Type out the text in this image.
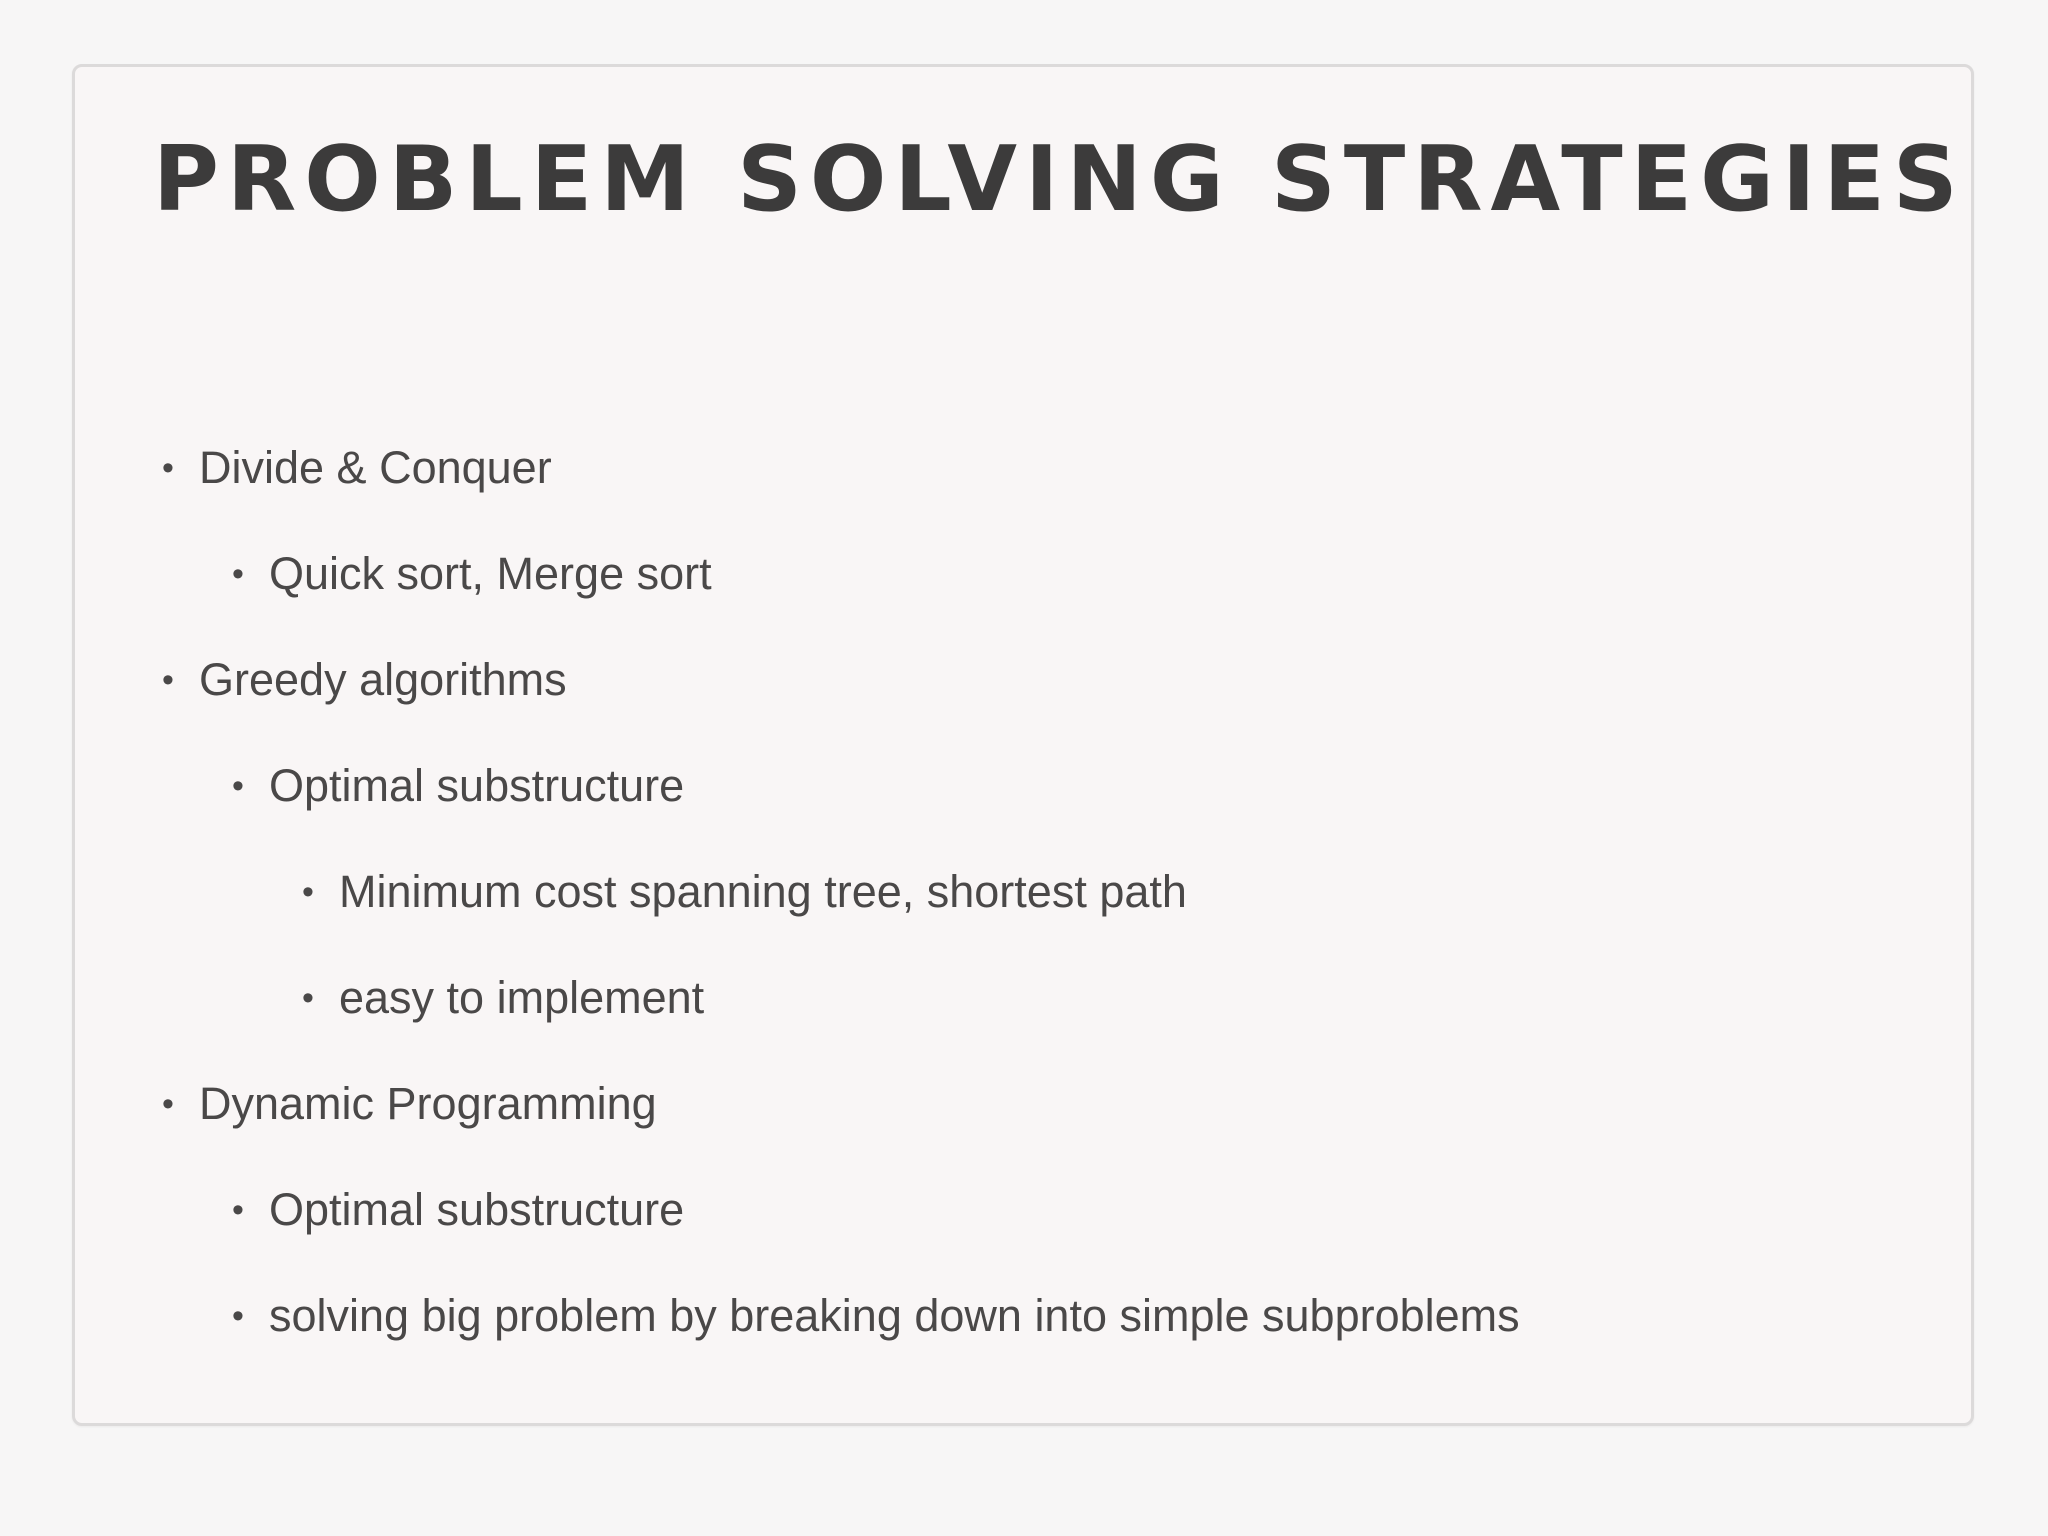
PROBLEM SOLVING STRATEGIES
• Divide & Conquer
• Quick sort, Merge sort
• Greedy algorithms
• Optimal substructure
• Minimum cost spanning tree, shortest path
• easy to implement
• Dynamic Programming
• Optimal substructure
• solving big problem by breaking down into simple subproblems
